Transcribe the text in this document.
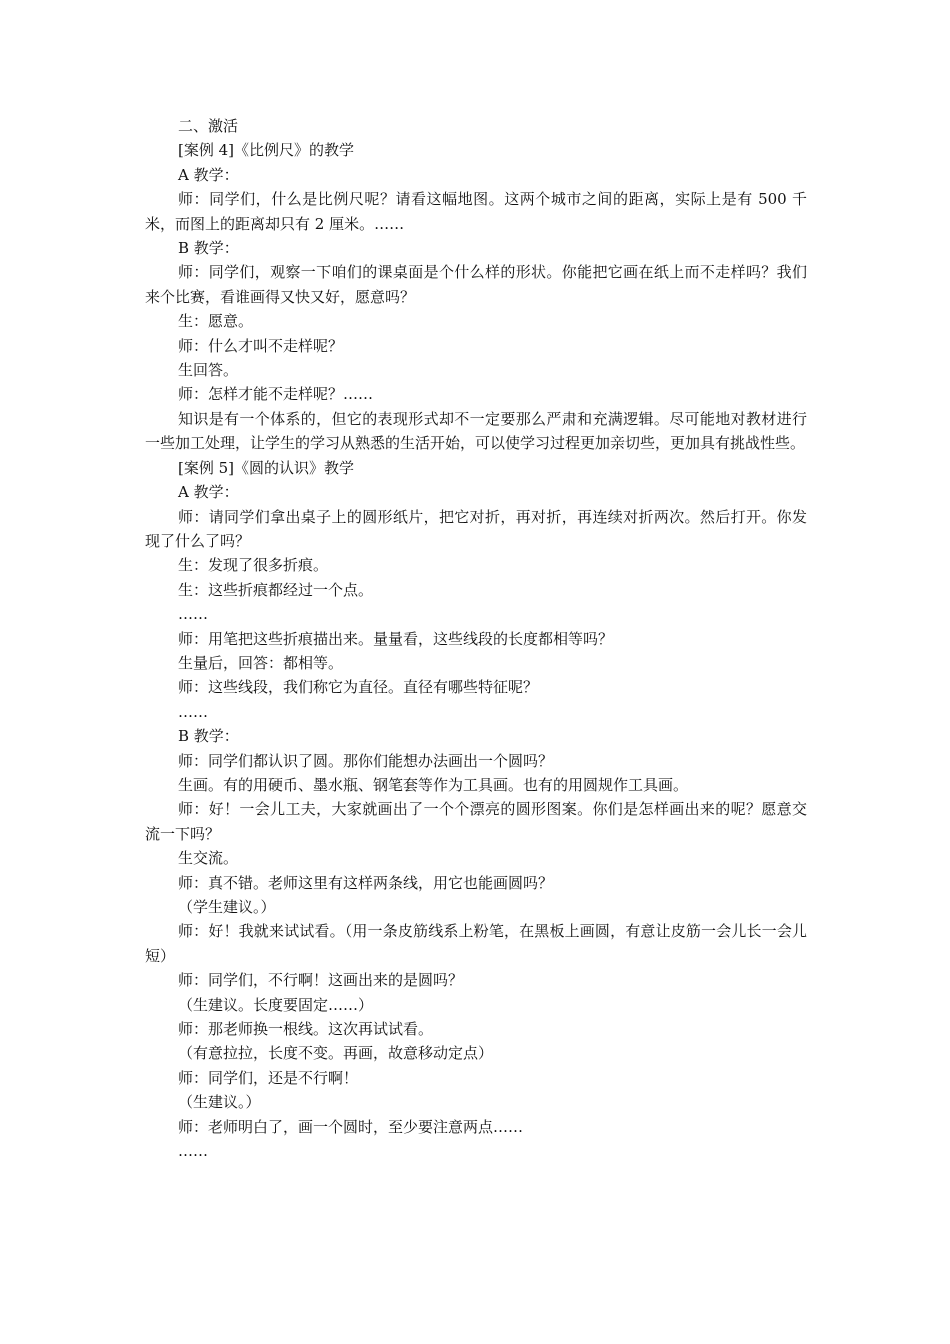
二、激活

[案例 4]《比例尺》的教学

A 教学：

师：同学们，什么是比例尺呢？请看这幅地图。这两个城市之间的距离，实际上是有 500 千米，而图上的距离却只有 2 厘米。……

B 教学：

师：同学们，观察一下咱们的课桌面是个什么样的形状。你能把它画在纸上而不走样吗？我们来个比赛，看谁画得又快又好，愿意吗？

生：愿意。

师：什么才叫不走样呢？

生回答。

师：怎样才能不走样呢？……

知识是有一个体系的，但它的表现形式却不一定要那么严肃和充满逻辑。尽可能地对教材进行一些加工处理，让学生的学习从熟悉的生活开始，可以使学习过程更加亲切些，更加具有挑战性些。

[案例 5]《圆的认识》教学

A 教学：

师：请同学们拿出桌子上的圆形纸片，把它对折，再对折，再连续对折两次。然后打开。你发现了什么了吗？

生：发现了很多折痕。

生：这些折痕都经过一个点。

……

师：用笔把这些折痕描出来。量量看，这些线段的长度都相等吗？

生量后，回答：都相等。

师：这些线段，我们称它为直径。直径有哪些特征呢？

……

B 教学：

师：同学们都认识了圆。那你们能想办法画出一个圆吗？

生画。有的用硬币、墨水瓶、钢笔套等作为工具画。也有的用圆规作工具画。

师：好！一会儿工夫，大家就画出了一个个漂亮的圆形图案。你们是怎样画出来的呢？愿意交流一下吗？

生交流。

师：真不错。老师这里有这样两条线，用它也能画圆吗？

（学生建议。）

师：好！我就来试试看。（用一条皮筋线系上粉笔，在黑板上画圆，有意让皮筋一会儿长一会儿短）

师：同学们，不行啊！这画出来的是圆吗？

（生建议。长度要固定……）

师：那老师换一根线。这次再试试看。

（有意拉拉，长度不变。再画，故意移动定点）

师：同学们，还是不行啊！

（生建议。）

师：老师明白了，画一个圆时，至少要注意两点……

……
